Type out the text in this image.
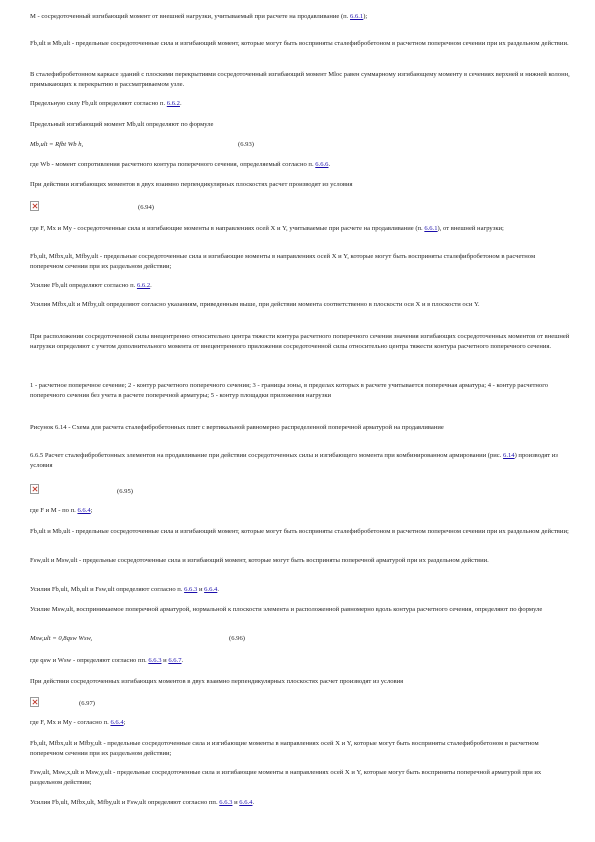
M - сосредоточенный изгибающий момент от внешней нагрузки, учитываемый при расчете на продавливание (п. 6.6.1);

Fb,ult и Mb,ult - предельные сосредоточенные сила и изгибающий момент, которые могут быть восприняты сталефибробетоном в расчетном поперечном сечении при их раздельном действии.

В сталефибробетонном каркасе зданий с плоскими перекрытиями сосредоточенный изгибающий момент Mloc равен суммарному изгибающему моменту в сечениях верхней и нижней колонн, примыкающих к перекрытию в рассматриваемом узле.

Предельную силу Fb,ult определяют согласно п. 6.6.2.

Предельный изгибающий момент Mb,ult определяют по формуле

Mb,ult = Rfbt Wb h,	(6.93)

где Wb - момент сопротивления расчетного контура поперечного сечения, определяемый согласно п. 6.6.6.

При действии изгибающих моментов в двух взаимно перпендикулярных плоскостях расчет производят из условия

(6.94)

где F, Mx и My - сосредоточенные сила и изгибающие моменты в направлениях осей X и Y, учитываемые при расчете на продавливание (п. 6.6.1), от внешней нагрузки;

Fb,ult, Mfbx,ult, Mfby,ult - предельные сосредоточенные сила и изгибающие моменты в направлениях осей X и Y, которые могут быть восприняты сталефибробетоном в расчетном поперечном сечении при их раздельном действии;

Усилие Fb,ult определяют согласно п. 6.6.2.

Усилия Mfbx,ult и Mfby,ult определяют согласно указаниям, приведенным выше, при действии момента соответственно в плоскости оси X и в плоскости оси Y.

При расположении сосредоточенной силы внецентренно относительно центра тяжести контура расчетного поперечного сечения значения изгибающих сосредоточенных моментов от внешней нагрузки определяют с учетом дополнительного момента от внецентренного приложения сосредоточенной силы относительно центра тяжести контура расчетного поперечного сечения.

1 - расчетное поперечное сечение; 2 - контур расчетного поперечного сечения; 3 - границы зоны, в пределах которых в расчете учитывается поперечная арматура; 4 - контур расчетного поперечного сечения без учета в расчете поперечной арматуры; 5 - контур площадки приложения нагрузки

Рисунок 6.14 - Схема для расчета сталефибробетонных плит с вертикальной равномерно распределенной поперечной арматурой на продавливание

6.6.5 Расчет сталефибробетонных элементов на продавливание при действии сосредоточенных силы и изгибающего момента при комбинированном армировании (рис. 6.14) производят из условия

(6.95)

где F и M - по п. 6.6.4;

Fb,ult и Mb,ult - предельные сосредоточенные сила и изгибающий момент, которые могут быть восприняты сталефибробетоном в расчетном поперечном сечении при их раздельном действии;

Fsw,ult и Msw,ult - предельные сосредоточенные сила и изгибающий момент, которые могут быть восприняты поперечной арматурой при их раздельном действии.

Усилия Fb,ult, Mb,ult и Fsw,ult определяют согласно п. 6.6.3 и 6.6.4.

Усилие Msw,ult, воспринимаемое поперечной арматурой, нормальной к плоскости элемента и расположенной равномерно вдоль контура расчетного сечения, определяют по формуле

Msw,ult = 0,8qsw Wsw,	(6.96)

где qsw и Wsw - определяют согласно пп. 6.6.3 и 6.6.7.

При действии сосредоточенных изгибающих моментов в двух взаимно перпендикулярных плоскостях расчет производят из условия

(6.97)

где F, Mx и My - согласно п. 6.6.4;

Fb,ult, Mfbx,ult и Mfby,ult - предельные сосредоточенные сила и изгибающие моменты в направлениях осей X и Y, которые могут быть восприняты сталефибробетоном в расчетном поперечном сечении при их раздельном действии;

Fsw,ult, Msw,x,ult и Msw,y,ult - предельные сосредоточенные сила и изгибающие моменты в направлениях осей X и Y, которые могут быть восприняты поперечной арматурой при их раздельном действии;

Усилия Fb,ult, Mfbx,ult, Mfby,ult и Fsw,ult определяют согласно пп. 6.6.3 и 6.6.4.
